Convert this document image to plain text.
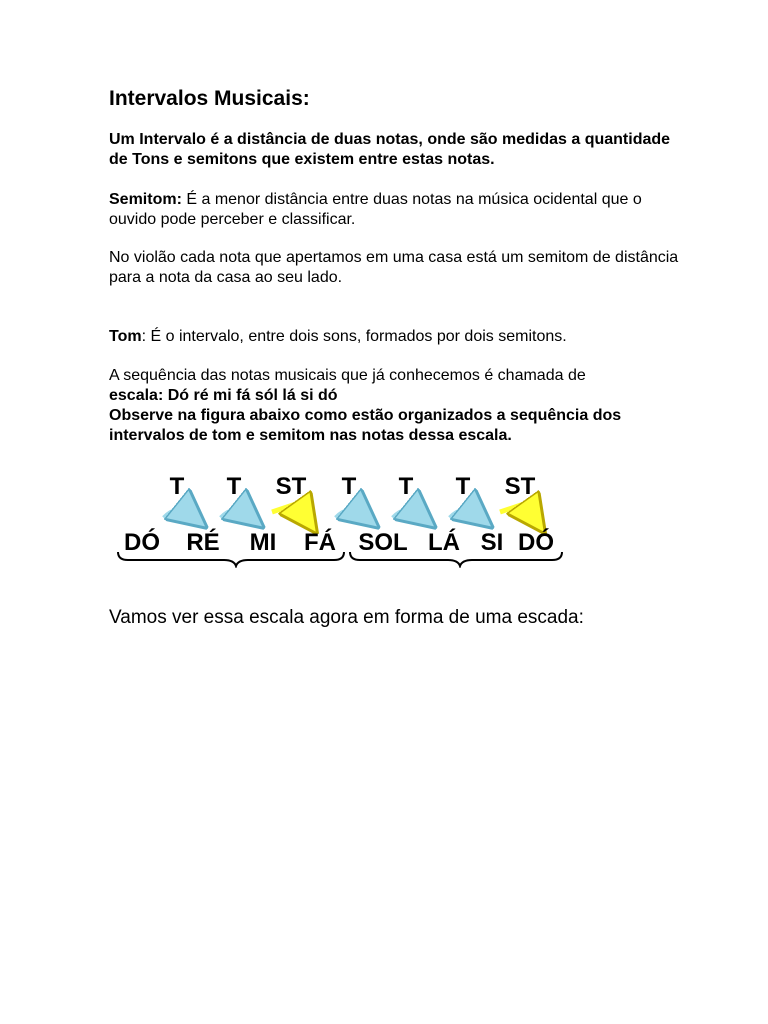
Intervalos Musicais:

Um Intervalo é a distância de duas notas, onde são medidas a quantidade de Tons e semitons que existem entre estas notas.

Semitom: É a menor distância entre duas notas na música ocidental que o ouvido pode perceber e classificar.

No violão cada nota que apertamos em uma casa está um semitom de distância para a nota da casa ao seu lado.

Tom: É o intervalo, entre dois sons, formados por dois semitons.

A sequência das notas musicais que já conhecemos é chamada de
escala: Dó ré mi fá sól lá si dó
Observe na figura abaixo como estão organizados a sequência dos intervalos de tom e semitom nas notas dessa escala.
T T ST T T T ST
DÓ RÉ MI FÁ SOL LÁ SI DÓ

Vamos ver essa escala agora em forma de uma escada:
